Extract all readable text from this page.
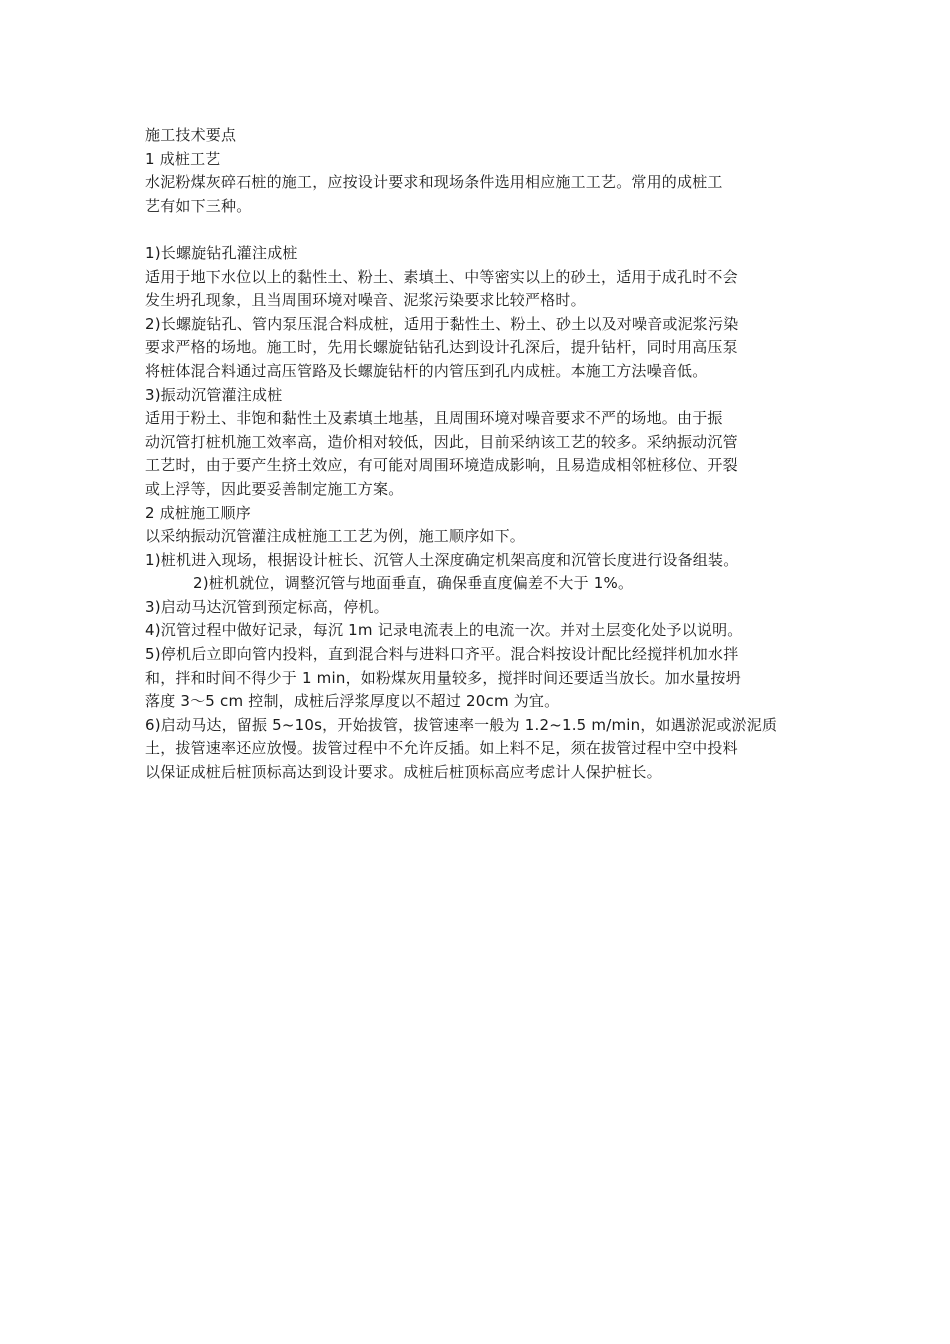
施工技术要点
1 成桩工艺
水泥粉煤灰碎石桩的施工，应按设计要求和现场条件选用相应施工工艺。常用的成桩工
艺有如下三种。
1)长螺旋钻孔灌注成桩
适用于地下水位以上的黏性土、粉土、素填土、中等密实以上的砂土，适用于成孔时不会
发生坍孔现象，且当周围环境对噪音、泥浆污染要求比较严格时。
2)长螺旋钻孔、管内泵压混合料成桩，适用于黏性土、粉土、砂土以及对噪音或泥浆污染
要求严格的场地。施工时，先用长螺旋钻钻孔达到设计孔深后，提升钻杆，同时用高压泵
将桩体混合料通过高压管路及长螺旋钻杆的内管压到孔内成桩。本施工方法噪音低。
3)振动沉管灌注成桩
适用于粉土、非饱和黏性土及素填土地基，且周围环境对噪音要求不严的场地。由于振
动沉管打桩机施工效率高，造价相对较低，因此，目前采纳该工艺的较多。采纳振动沉管
工艺时，由于要产生挤土效应，有可能对周围环境造成影响，且易造成相邻桩移位、开裂
或上浮等，因此要妥善制定施工方案。
2 成桩施工顺序
以采纳振动沉管灌注成桩施工工艺为例，施工顺序如下。
1)桩机进入现场，根据设计桩长、沉管人土深度确定机架高度和沉管长度进行设备组装。
2)桩机就位，调整沉管与地面垂直，确保垂直度偏差不大于 1%。
3)启动马达沉管到预定标高，停机。
4)沉管过程中做好记录，每沉 1m 记录电流表上的电流一次。并对土层变化处予以说明。
5)停机后立即向管内投料，直到混合料与进料口齐平。混合料按设计配比经搅拌机加水拌
和，拌和时间不得少于 1 min，如粉煤灰用量较多，搅拌时间还要适当放长。加水量按坍
落度 3～5 cm 控制，成桩后浮浆厚度以不超过 20cm 为宜。
6)启动马达，留振 5~10s，开始拔管，拔管速率一般为 1.2~1.5 m/min，如遇淤泥或淤泥质
土，拔管速率还应放慢。拔管过程中不允许反插。如上料不足，须在拔管过程中空中投料
以保证成桩后桩顶标高达到设计要求。成桩后桩顶标高应考虑计人保护桩长。
